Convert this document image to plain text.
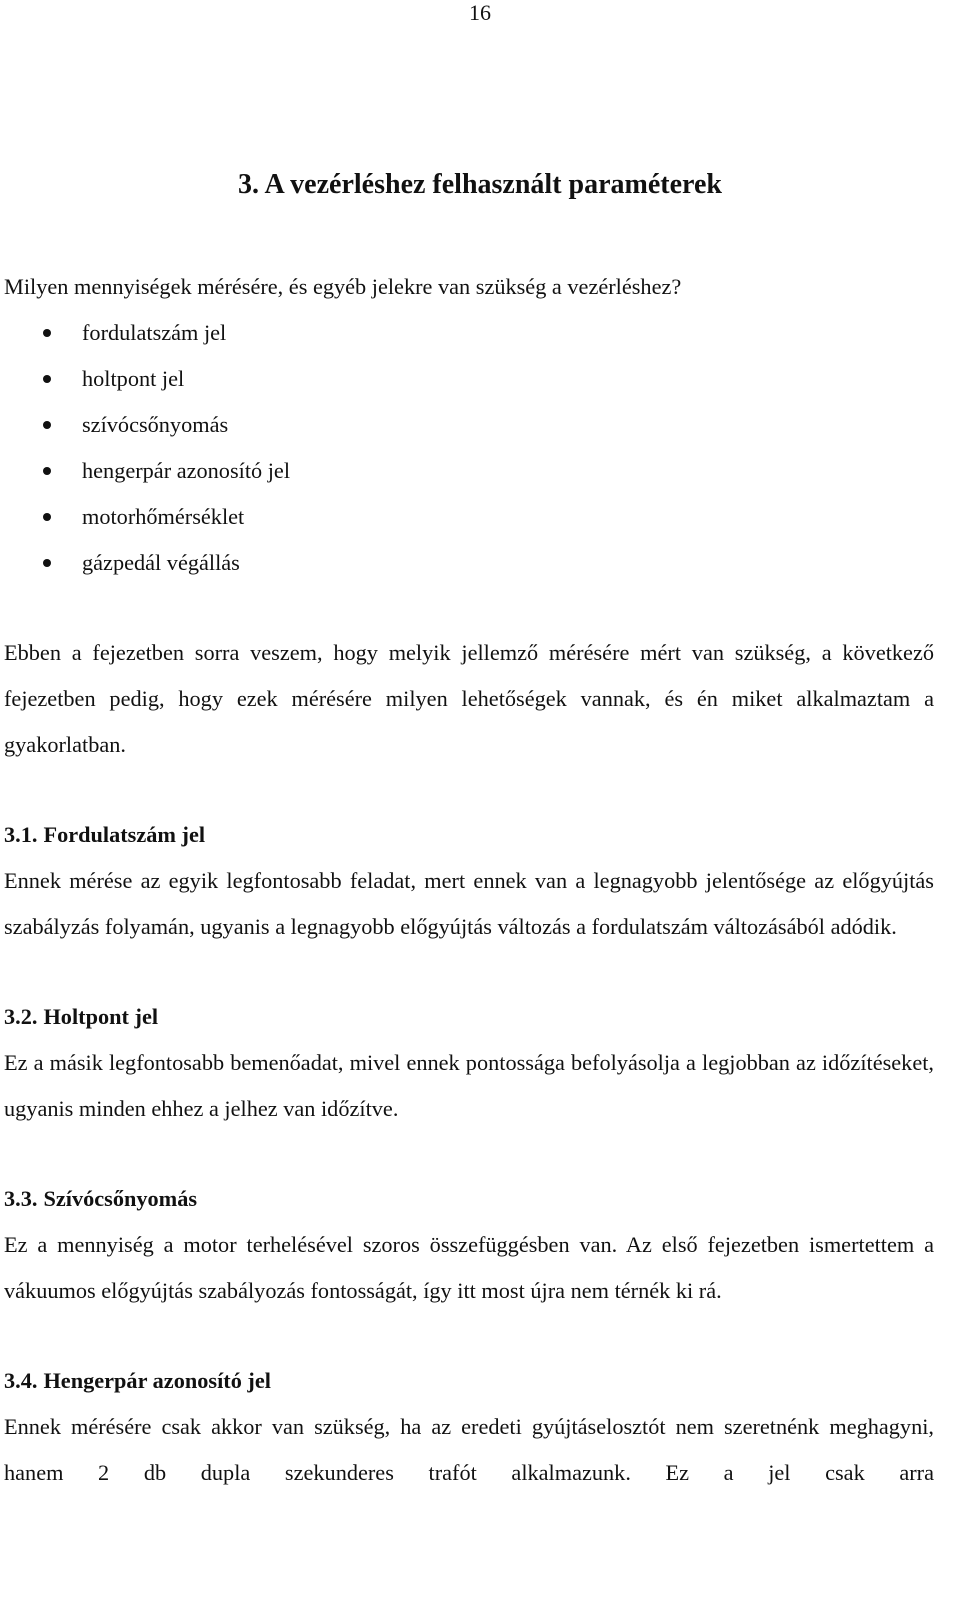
16
3. A vezérléshez felhasznált paraméterek

Milyen mennyiségek mérésére, és egyéb jelekre van szükség a vezérléshez?

fordulatszám jel
holtpont jel
szívócsőnyomás
hengerpár azonosító jel
motorhőmérséklet
gázpedál végállás

Ebben a fejezetben sorra veszem, hogy melyik jellemző mérésére mért van szükség, a következő fejezetben pedig, hogy ezek mérésére milyen lehetőségek vannak, és én miket alkalmaztam a gyakorlatban.

3.1. Fordulatszám jel

Ennek mérése az egyik legfontosabb feladat, mert ennek van a legnagyobb jelentősége az előgyújtás szabályzás folyamán, ugyanis a legnagyobb előgyújtás változás a fordulatszám változásából adódik.

3.2. Holtpont jel

Ez a másik legfontosabb bemenőadat, mivel ennek pontossága befolyásolja a legjobban az időzítéseket, ugyanis minden ehhez a jelhez van időzítve.

3.3. Szívócsőnyomás

Ez a mennyiség a motor terhelésével szoros összefüggésben van. Az első fejezetben ismertettem a vákuumos előgyújtás szabályozás fontosságát, így itt most újra nem térnék ki rá.

3.4. Hengerpár azonosító jel

Ennek mérésére csak akkor van szükség, ha az eredeti gyújtáselosztót nem szeretnénk meghagyni, hanem 2 db dupla szekunderes trafót alkalmazunk. Ez a jel csak arra
